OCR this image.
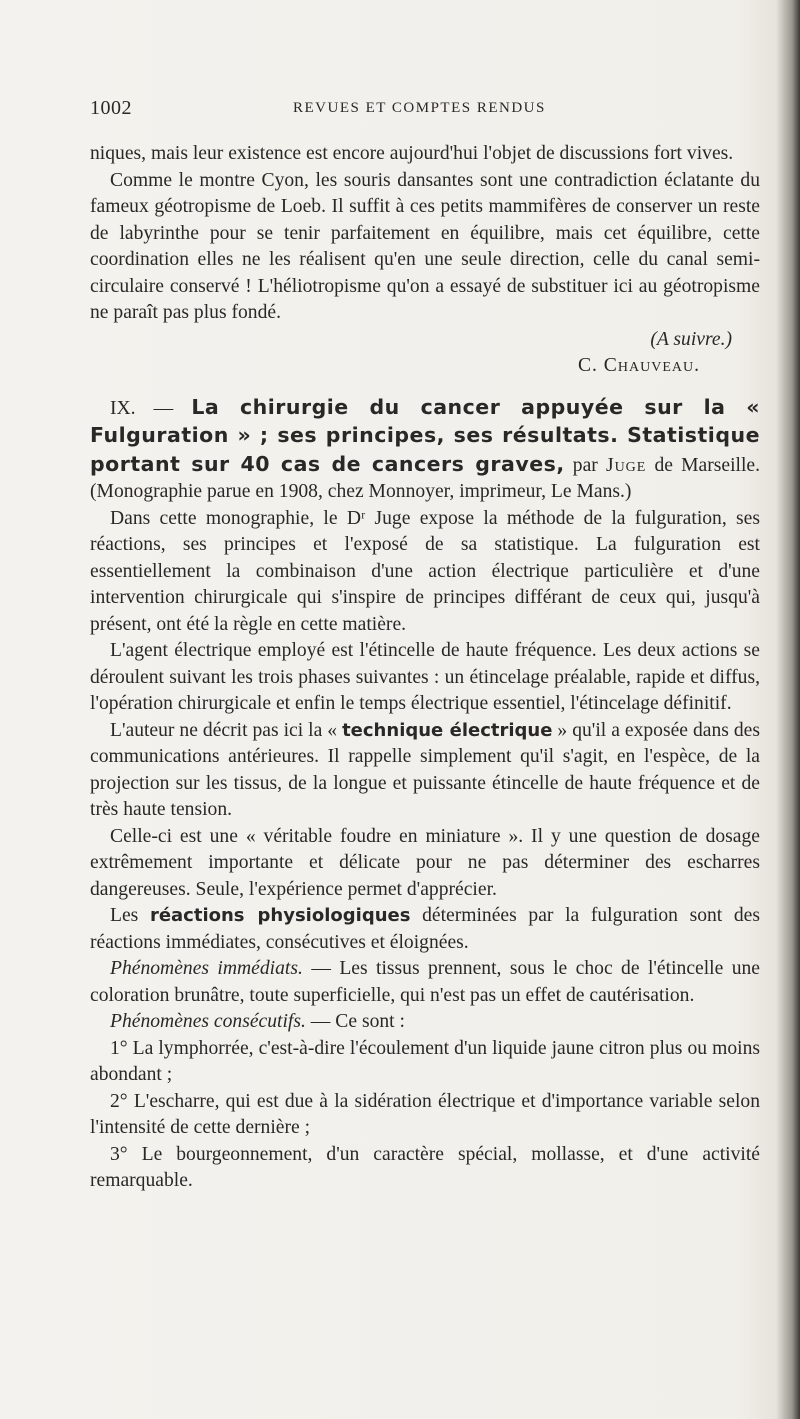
1002	REVUES ET COMPTES RENDUS

niques, mais leur existence est encore aujourd'hui l'objet de discussions fort vives.

Comme le montre Cyon, les souris dansantes sont une contradiction éclatante du fameux géotropisme de Loeb. Il suffit à ces petits mammifères de conserver un reste de labyrinthe pour se tenir parfaitement en équilibre, mais cet équilibre, cette coordination elles ne les réalisent qu'en une seule direction, celle du canal semi-circulaire conservé ! L'héliotropisme qu'on a essayé de substituer ici au géotropisme ne paraît pas plus fondé.

(A suivre.)

C. Chauveau.

IX. — La chirurgie du cancer appuyée sur la « Fulguration » ; ses principes, ses résultats. Statistique portant sur 40 cas de cancers graves, par Juge de Marseille. (Monographie parue en 1908, chez Monnoyer, imprimeur, Le Mans.)

Dans cette monographie, le Dʳ Juge expose la méthode de la fulguration, ses réactions, ses principes et l'exposé de sa statistique. La fulguration est essentiellement la combinaison d'une action électrique particulière et d'une intervention chirurgicale qui s'inspire de principes différant de ceux qui, jusqu'à présent, ont été la règle en cette matière.

L'agent électrique employé est l'étincelle de haute fréquence. Les deux actions se déroulent suivant les trois phases suivantes : un étincelage préalable, rapide et diffus, l'opération chirurgicale et enfin le temps électrique essentiel, l'étincelage définitif.

L'auteur ne décrit pas ici la « technique électrique » qu'il a exposée dans des communications antérieures. Il rappelle simplement qu'il s'agit, en l'espèce, de la projection sur les tissus, de la longue et puissante étincelle de haute fréquence et de très haute tension.

Celle-ci est une « véritable foudre en miniature ». Il y une question de dosage extrêmement importante et délicate pour ne pas déterminer des escharres dangereuses. Seule, l'expérience permet d'apprécier.

Les réactions physiologiques déterminées par la fulguration sont des réactions immédiates, consécutives et éloignées.

Phénomènes immédiats. — Les tissus prennent, sous le choc de l'étincelle une coloration brunâtre, toute superficielle, qui n'est pas un effet de cautérisation.

Phénomènes consécutifs. — Ce sont :

1° La lymphorrée, c'est-à-dire l'écoulement d'un liquide jaune citron plus ou moins abondant ;

2° L'escharre, qui est due à la sidération électrique et d'importance variable selon l'intensité de cette dernière ;

3° Le bourgeonnement, d'un caractère spécial, mollasse, et d'une activité remarquable.
